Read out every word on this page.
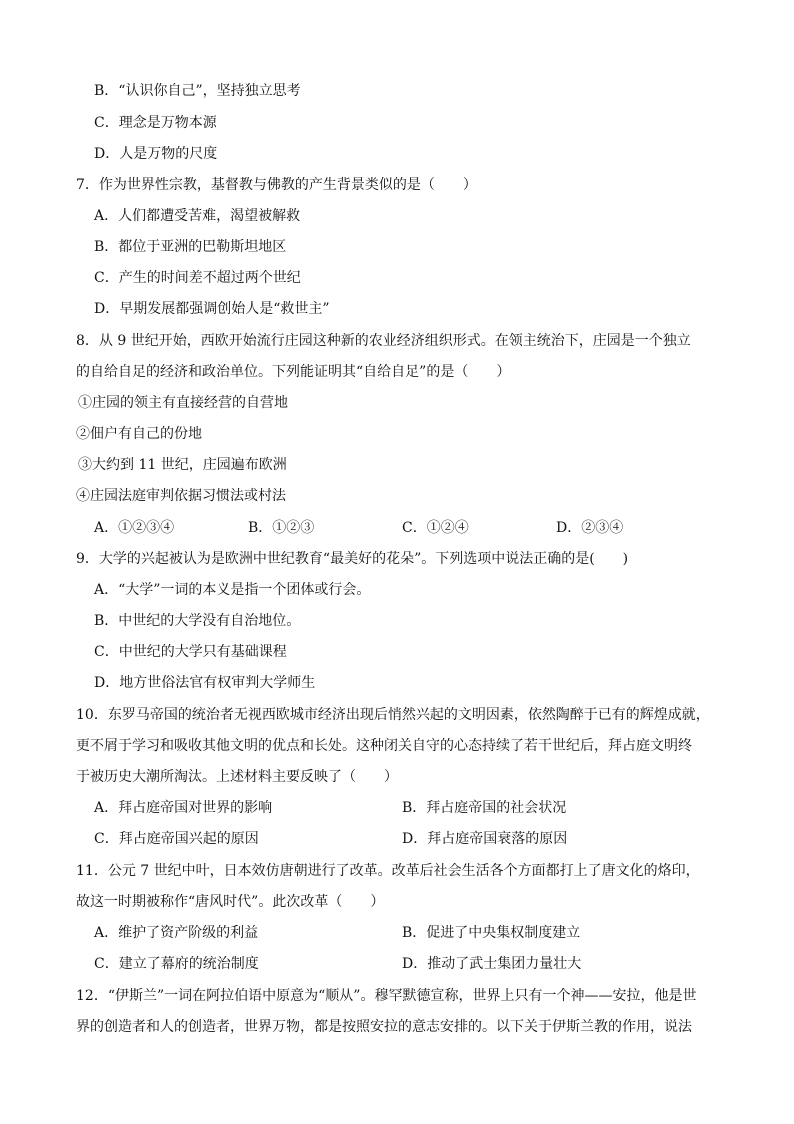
B．“认识你自己”，坚持独立思考
C．理念是万物本源
D．人是万物的尺度
7．作为世界性宗教，基督教与佛教的产生背景类似的是（　　）
A．人们都遭受苦难，渴望被解救
B．都位于亚洲的巴勒斯坦地区
C．产生的时间差不超过两个世纪
D．早期发展都强调创始人是“救世主”
8．从 9 世纪开始，西欧开始流行庄园这种新的农业经济组织形式。在领主统治下，庄园是一个独立
的自给自足的经济和政治单位。下列能证明其“自给自足”的是（　　）
①庄园的领主有直接经营的自营地
②佃户有自己的份地
③大约到 11 世纪，庄园遍布欧洲
④庄园法庭审判依据习惯法或村法
A．①②③④	B．①②③	C．①②④	D．②③④
9．大学的兴起被认为是欧洲中世纪教育“最美好的花朵”。下列选项中说法正确的是(　　)
A．“大学”一词的本义是指一个团体或行会。
B．中世纪的大学没有自治地位。
C．中世纪的大学只有基础课程
D．地方世俗法官有权审判大学师生
10．东罗马帝国的统治者无视西欧城市经济出现后悄然兴起的文明因素，依然陶醉于已有的辉煌成就，
更不屑于学习和吸收其他文明的优点和长处。这种闭关自守的心态持续了若干世纪后，拜占庭文明终
于被历史大潮所淘汰。上述材料主要反映了（　　）
A．拜占庭帝国对世界的影响	B．拜占庭帝国的社会状况
C．拜占庭帝国兴起的原因	D．拜占庭帝国衰落的原因
11．公元 7 世纪中叶，日本效仿唐朝进行了改革。改革后社会生活各个方面都打上了唐文化的烙印，
故这一时期被称作“唐风时代”。此次改革（　　）
A．维护了资产阶级的利益	B．促进了中央集权制度建立
C．建立了幕府的统治制度	D．推动了武士集团力量壮大
12．“伊斯兰”一词在阿拉伯语中原意为“顺从”。穆罕默德宣称，世界上只有一个神——安拉，他是世
界的创造者和人的创造者，世界万物，都是按照安拉的意志安排的。以下关于伊斯兰教的作用，说法
